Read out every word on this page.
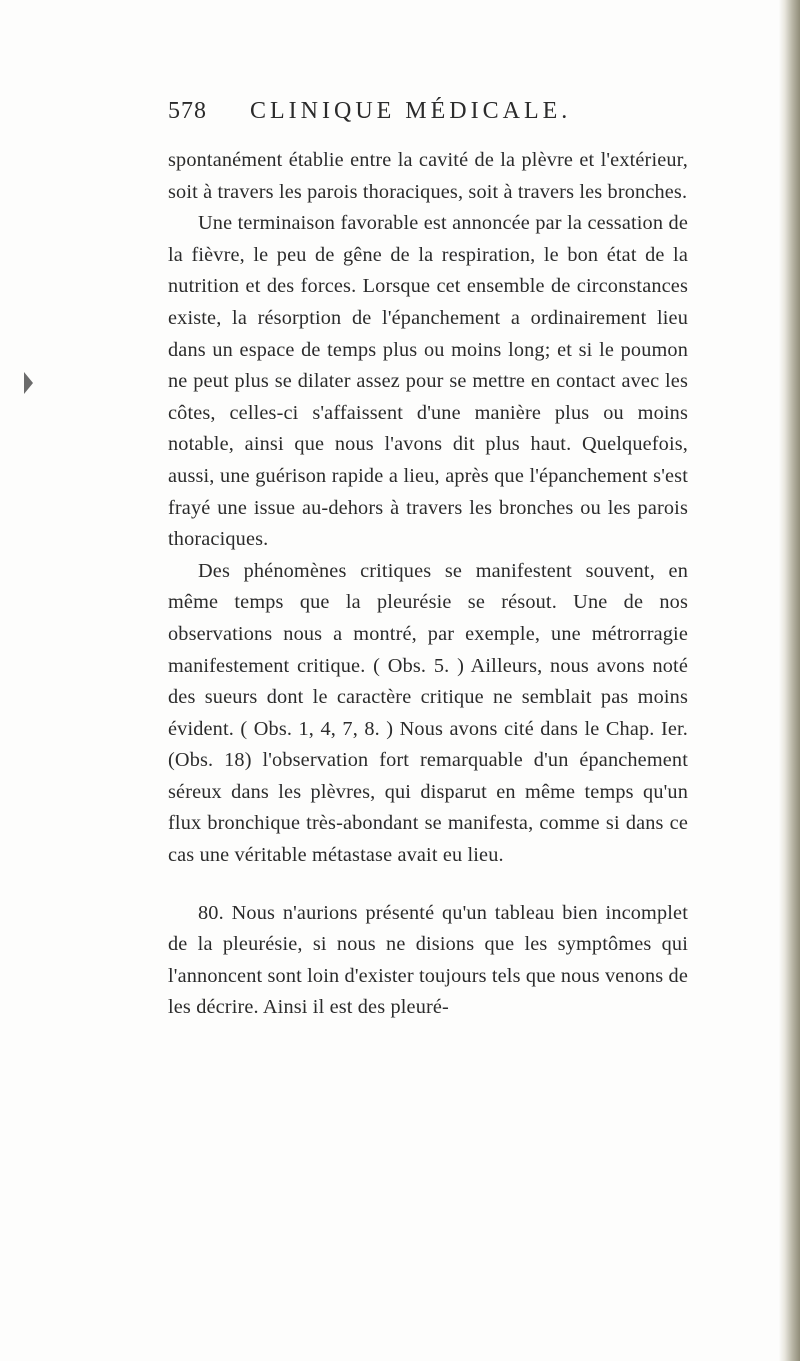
578 CLINIQUE MÉDICALE.

spontanément établie entre la cavité de la plèvre et l'extérieur, soit à travers les parois thoraciques, soit à travers les bronches.

Une terminaison favorable est annoncée par la cessation de la fièvre, le peu de gêne de la respiration, le bon état de la nutrition et des forces. Lorsque cet ensemble de circonstances existe, la résorption de l'épanchement a ordinairement lieu dans un espace de temps plus ou moins long; et si le poumon ne peut plus se dilater assez pour se mettre en contact avec les côtes, celles-ci s'affaissent d'une manière plus ou moins notable, ainsi que nous l'avons dit plus haut. Quelquefois, aussi, une guérison rapide a lieu, après que l'épanchement s'est frayé une issue au-dehors à travers les bronches ou les parois thoraciques.

Des phénomènes critiques se manifestent souvent, en même temps que la pleurésie se résout. Une de nos observations nous a montré, par exemple, une métrorragie manifestement critique. ( Obs. 5. ) Ailleurs, nous avons noté des sueurs dont le caractère critique ne semblait pas moins évident. ( Obs. 1, 4, 7, 8. ) Nous avons cité dans le Chap. Ier. (Obs. 18) l'observation fort remarquable d'un épanchement séreux dans les plèvres, qui disparut en même temps qu'un flux bronchique très-abondant se manifesta, comme si dans ce cas une véritable métastase avait eu lieu.

80. Nous n'aurions présenté qu'un tableau bien incomplet de la pleurésie, si nous ne disions que les symptômes qui l'annoncent sont loin d'exister toujours tels que nous venons de les décrire. Ainsi il est des pleuré-
